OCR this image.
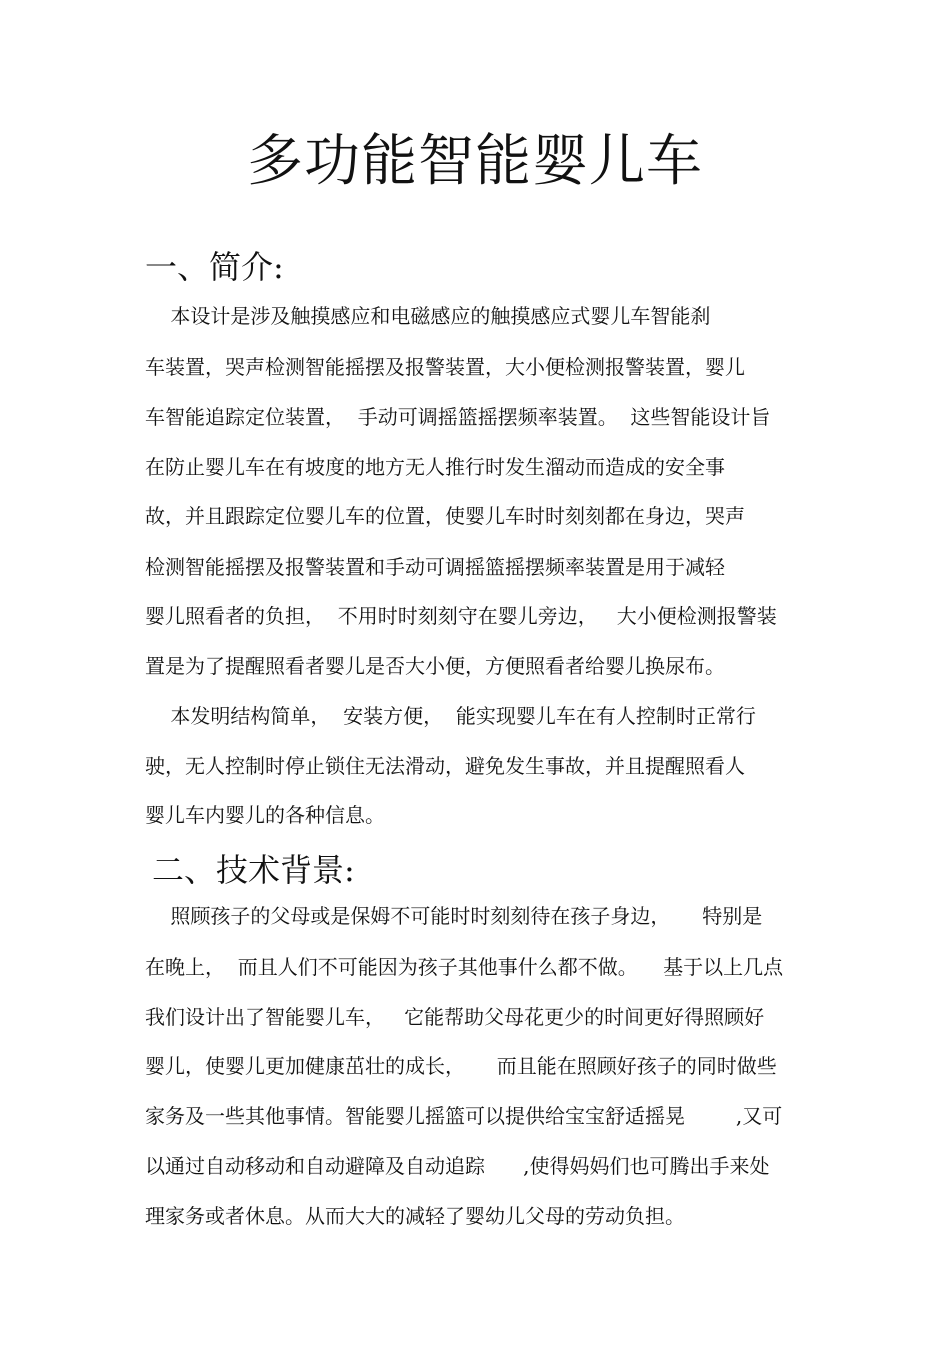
多功能智能婴儿车
一、简介:

本设计是涉及触摸感应和电磁感应的触摸感应式婴儿车智能刹

车装置，哭声检测智能摇摆及报警装置，大小便检测报警装置，婴儿

车智能追踪定位装置，  手动可调摇篮摇摆频率装置。  这些智能设计旨

在防止婴儿车在有坡度的地方无人推行时发生溜动而造成的安全事

故，并且跟踪定位婴儿车的位置，使婴儿车时时刻刻都在身边，哭声

检测智能摇摆及报警装置和手动可调摇篮摇摆频率装置是用于减轻

婴儿照看者的负担，  不用时时刻刻守在婴儿旁边，   大小便检测报警装

置是为了提醒照看者婴儿是否大小便，方便照看者给婴儿换尿布。

本发明结构简单，  安装方便，  能实现婴儿车在有人控制时正常行

驶，无人控制时停止锁住无法滑动，避免发生事故，并且提醒照看人

婴儿车内婴儿的各种信息。

二、技术背景:

照顾孩子的父母或是保姆不可能时时刻刻待在孩子身边，     特别是

在晚上，  而且人们不可能因为孩子其他事什么都不做。    基于以上几点

我们设计出了智能婴儿车，   它能帮助父母花更少的时间更好得照顾好

婴儿，使婴儿更加健康茁壮的成长，     而且能在照顾好孩子的同时做些

家务及一些其他事情。智能婴儿摇篮可以提供给宝宝舒适摇晃        ,又可

以通过自动移动和自动避障及自动追踪      ,使得妈妈们也可腾出手来处

理家务或者休息。从而大大的减轻了婴幼儿父母的劳动负担。
